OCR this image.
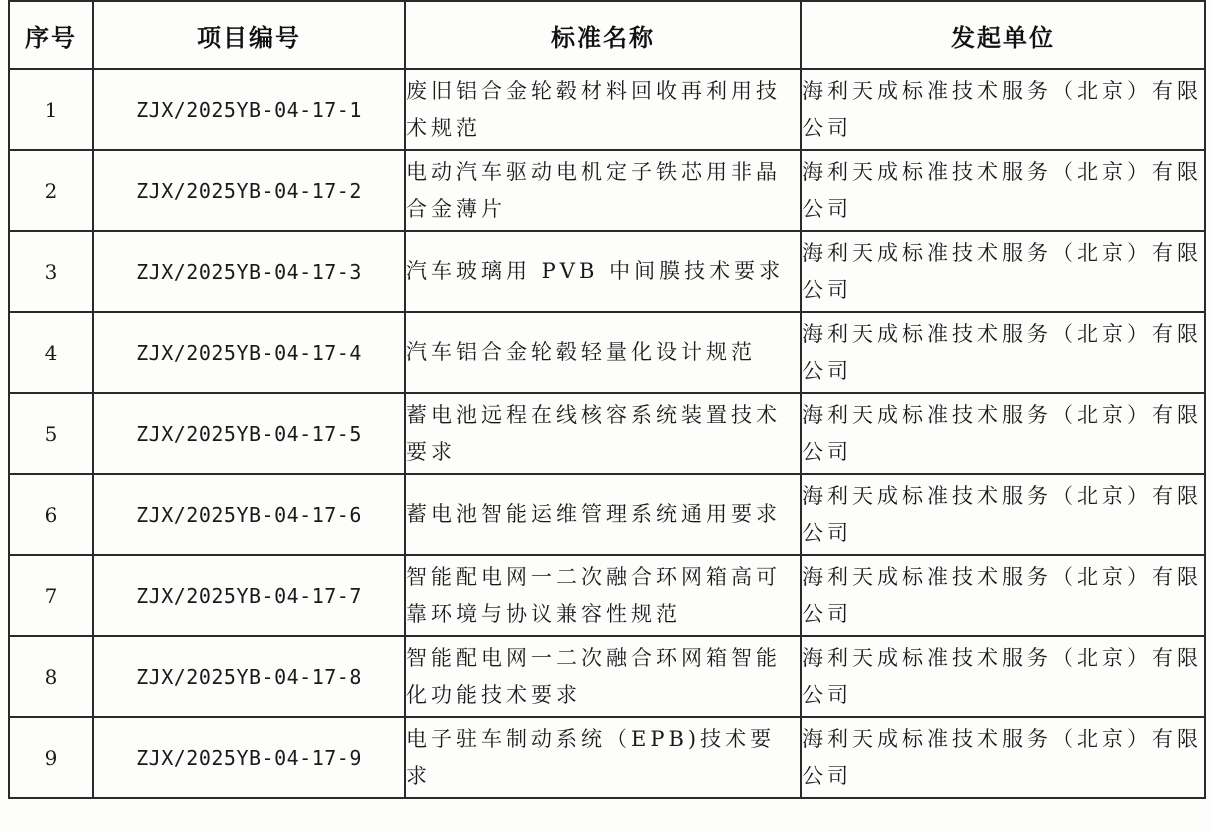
序号	项目编号	标准名称	发起单位
1	ZJX/2025YB-04-17-1	废旧铝合金轮毂材料回收再利用技术规范	海利天成标准技术服务（北京）有限公司
2	ZJX/2025YB-04-17-2	电动汽车驱动电机定子铁芯用非晶合金薄片	海利天成标准技术服务（北京）有限公司
3	ZJX/2025YB-04-17-3	汽车玻璃用 PVB 中间膜技术要求	海利天成标准技术服务（北京）有限公司
4	ZJX/2025YB-04-17-4	汽车铝合金轮毂轻量化设计规范	海利天成标准技术服务（北京）有限公司
5	ZJX/2025YB-04-17-5	蓄电池远程在线核容系统装置技术要求	海利天成标准技术服务（北京）有限公司
6	ZJX/2025YB-04-17-6	蓄电池智能运维管理系统通用要求	海利天成标准技术服务（北京）有限公司
7	ZJX/2025YB-04-17-7	智能配电网一二次融合环网箱高可靠环境与协议兼容性规范	海利天成标准技术服务（北京）有限公司
8	ZJX/2025YB-04-17-8	智能配电网一二次融合环网箱智能化功能技术要求	海利天成标准技术服务（北京）有限公司
9	ZJX/2025YB-04-17-9	电子驻车制动系统（EPB)技术要求	海利天成标准技术服务（北京）有限公司
